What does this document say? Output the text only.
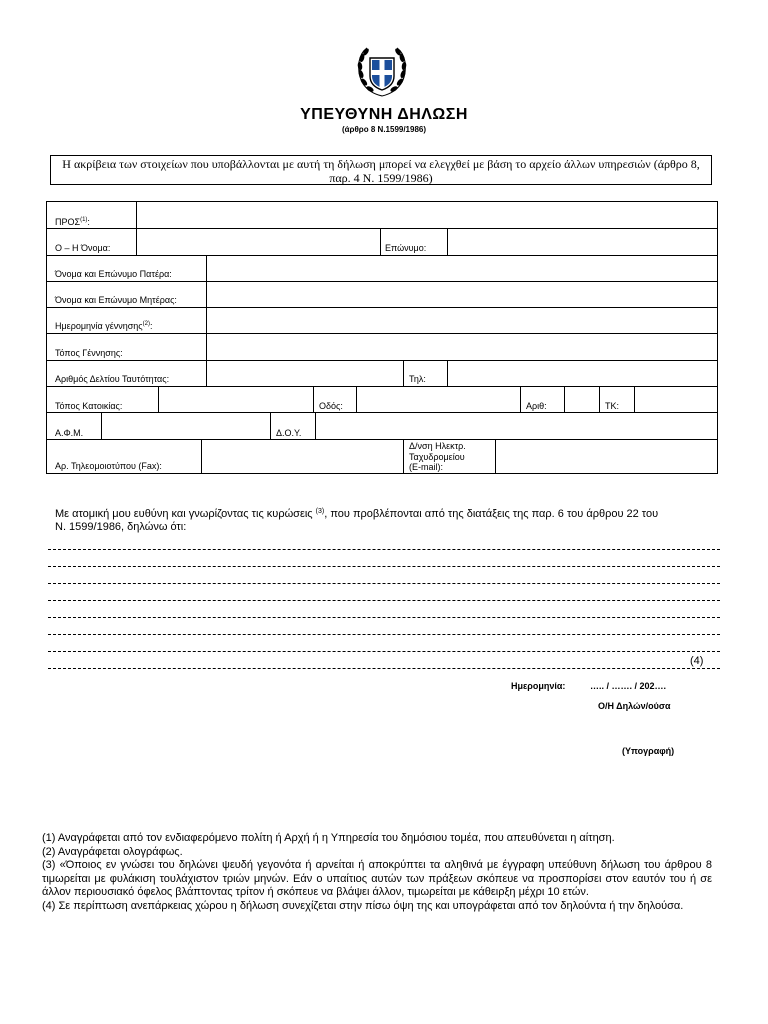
ΥΠΕΥΘΥΝΗ ΔΗΛΩΣΗ
(άρθρο 8 Ν.1599/1986)
Η ακρίβεια των στοιχείων που υποβάλλονται με αυτή τη δήλωση μπορεί να ελεγχθεί με βάση το αρχείο άλλων υπηρεσιών (άρθρο 8,
παρ. 4 Ν. 1599/1986)
ΠΡΟΣ$^{(1)}$:
Ο – Η Όνομα:	Επώνυμο:
Όνομα και Επώνυμο Πατέρα:
Όνομα και Επώνυμο Μητέρας:
Ημερομηνία γέννησης$^{(2)}$:
Τόπος Γέννησης:
Αριθμός Δελτίου Ταυτότητας:	Τηλ:
Τόπος Κατοικίας:	Οδός:	Αριθ:	ΤΚ:
Α.Φ.Μ.	Δ.Ο.Υ.
Αρ. Τηλεομοιοτύπου (Fax):
Δ/νση Ηλεκτρ.
Ταχυδρομείου
(E-mail):
Με ατομική μου ευθύνη και γνωρίζοντας τις κυρώσεις $^{(3)}$, που προβλέπονται από της διατάξεις της παρ. 6 του άρθρου 22 του
Ν. 1599/1986, δηλώνω ότι:
(4)
Ημερομηνία:	….. / ……. / 202….
Ο/Η Δηλών/ούσα
(Υπογραφή)

(1) Αναγράφεται από τον ενδιαφερόμενο πολίτη ή Αρχή ή η Υπηρεσία του δημόσιου τομέα, που απευθύνεται η αίτηση.

(2) Αναγράφεται ολογράφως.

(3) «Όποιος εν γνώσει του δηλώνει ψευδή γεγονότα ή αρνείται ή αποκρύπτει τα αληθινά με έγγραφη υπεύθυνη δήλωση του άρθρου 8 τιμωρείται με φυλάκιση τουλάχιστον τριών μηνών. Εάν ο υπαίτιος αυτών των πράξεων σκόπευε να προσπορίσει στον εαυτόν του ή σε άλλον περιουσιακό όφελος βλάπτοντας τρίτον ή σκόπευε να βλάψει άλλον, τιμωρείται με κάθειρξη μέχρι 10 ετών.

(4) Σε περίπτωση ανεπάρκειας χώρου η δήλωση συνεχίζεται στην πίσω όψη της και υπογράφεται από τον δηλούντα ή την δηλούσα.
